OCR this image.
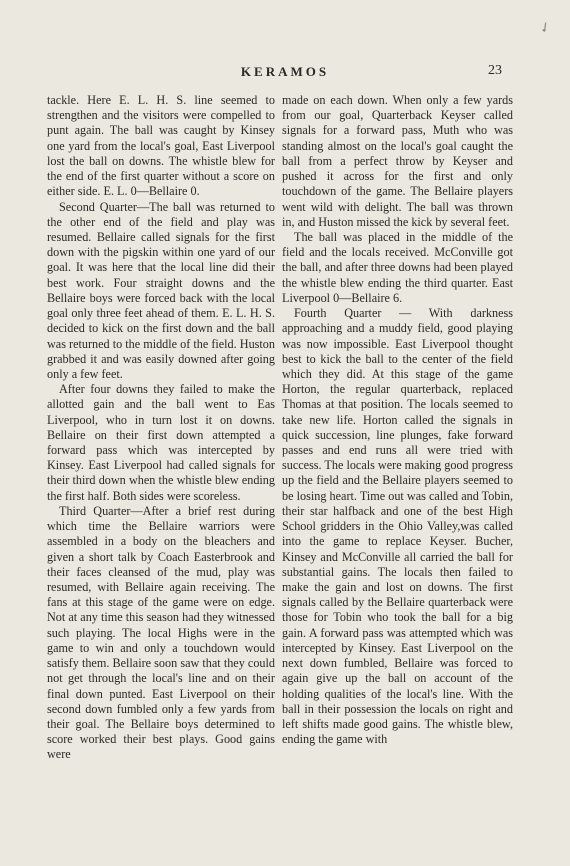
✓
KERAMOS	23

tackle. Here E. L. H. S. line seemed to strengthen and the visitors were compelled to punt again. The ball was caught by Kinsey one yard from the local's goal, East Liverpool lost the ball on downs. The whistle blew for the end of the first quarter without a score on either side. E. L. 0—Bellaire 0.

Second Quarter—The ball was returned to the other end of the field and play was resumed. Bellaire called signals for the first down with the pigskin within one yard of our goal. It was here that the local line did their best work. Four straight downs and the Bellaire boys were forced back with the local goal only three feet ahead of them. E. L. H. S. decided to kick on the first down and the ball was returned to the middle of the field. Huston grabbed it and was easily downed after going only a few feet.

After four downs they failed to make the allotted gain and the ball went to Eas Liverpool, who in turn lost it on downs. Bellaire on their first down attempted a forward pass which was intercepted by Kinsey. East Liverpool had called signals for their third down when the whistle blew ending the first half. Both sides were scoreless.

Third Quarter—After a brief rest during which time the Bellaire warriors were assembled in a body on the bleachers and given a short talk by Coach Easterbrook and their faces cleansed of the mud, play was resumed, with Bellaire again receiving. The fans at this stage of the game were on edge. Not at any time this season had they witnessed such playing. The local Highs were in the game to win and only a touchdown would satisfy them. Bellaire soon saw that they could not get through the local's line and on their final down punted. East Liverpool on their second down fumbled only a few yards from their goal. The Bellaire boys determined to score worked their best plays. Good gains were

made on each down. When only a few yards from our goal, Quarterback Keyser called signals for a forward pass, Muth who was standing almost on the local's goal caught the ball from a perfect throw by Keyser and pushed it across for the first and only touchdown of the game. The Bellaire players went wild with delight. The ball was thrown in, and Huston missed the kick by several feet.

The ball was placed in the middle of the field and the locals received. McConville got the ball, and after three downs had been played the whistle blew ending the third quarter. East Liverpool 0—Bellaire 6.

Fourth Quarter — With darkness approaching and a muddy field, good playing was now impossible. East Liverpool thought best to kick the ball to the center of the field which they did. At this stage of the game Horton, the regular quarterback, replaced Thomas at that position. The locals seemed to take new life. Horton called the signals in quick succession, line plunges, fake forward passes and end runs all were tried with success. The locals were making good progress up the field and the Bellaire players seemed to be losing heart. Time out was called and Tobin, their star halfback and one of the best High School gridders in the Ohio Valley,was called into the game to replace Keyser. Bucher, Kinsey and McConville all carried the ball for substantial gains. The locals then failed to make the gain and lost on downs. The first signals called by the Bellaire quarterback were those for Tobin who took the ball for a big gain. A forward pass was attempted which was intercepted by Kinsey. East Liverpool on the next down fumbled, Bellaire was forced to again give up the ball on account of the holding qualities of the local's line. With the ball in their possession the locals on right and left shifts made good gains. The whistle blew, ending the game with
